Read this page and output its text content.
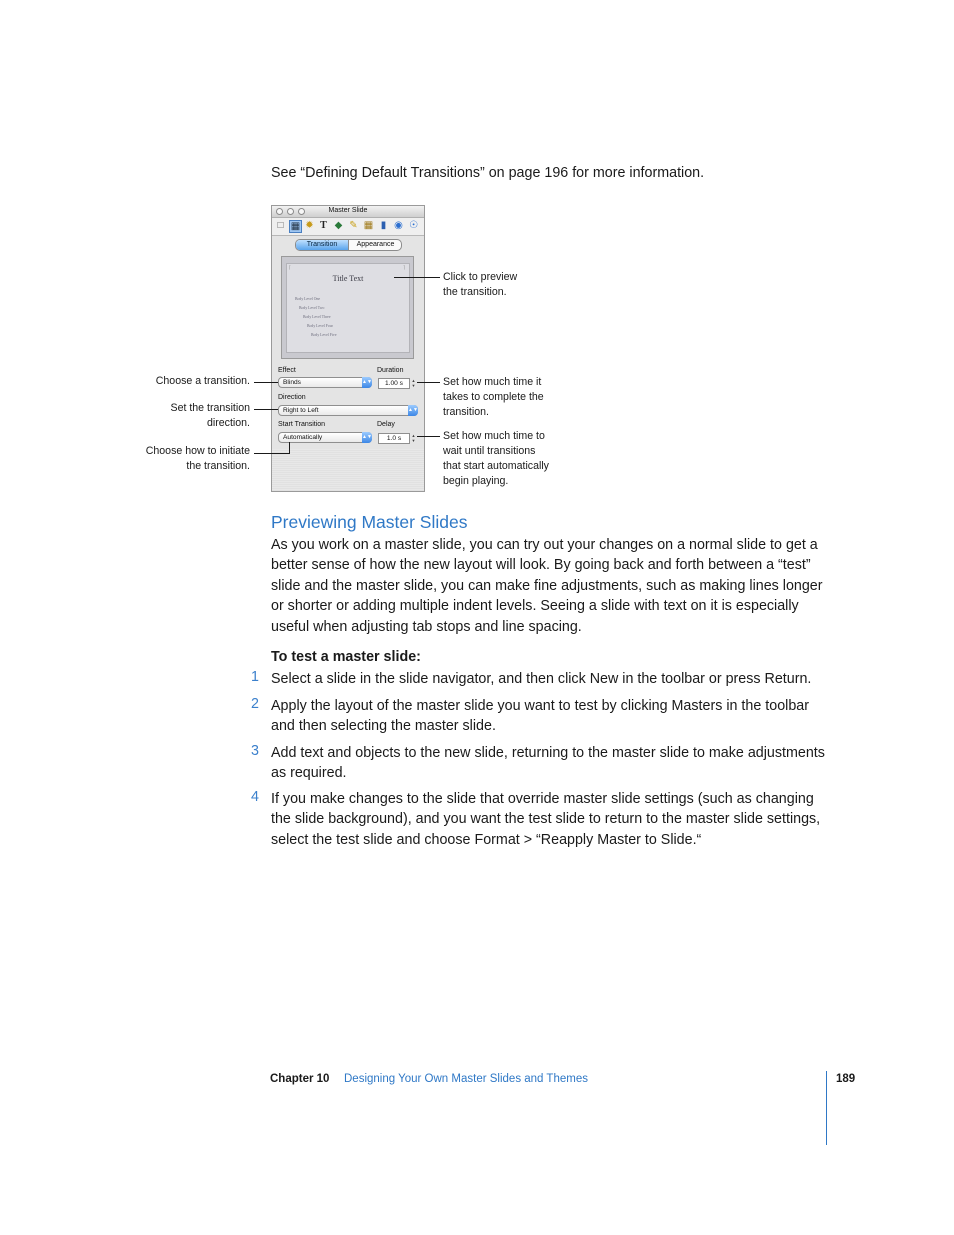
See “Defining Default Transitions” on page 196 for more information.
Master Slide
□ ▦ ✹ T ◆ ✎ ▦ ▮ ◉ ☉
Transition	Appearance
⌈	⌉
Title Text
Body Level One
Body Level Two
Body Level Three
Body Level Four
Body Level Five
Effect	Duration
Blinds	▲▼	1.00 s	▲
▼
Direction
Right to Left	▲▼
Start Transition	Delay
Automatically	▲▼	1.0 s	▲
▼
Click to preview
the transition.
Choose a transition.
Set the transition
direction.
Choose how to initiate
the transition.
Set how much time it
takes to complete the
transition.
Set how much time to
wait until transitions
that start automatically
begin playing.
Previewing Master Slides
As you work on a master slide, you can try out your changes on a normal slide to get a better sense of how the new layout will look. By going back and forth between a “test” slide and the master slide, you can make fine adjustments, such as making lines longer or shorter or adding multiple indent levels. Seeing a slide with text on it is especially useful when adjusting tab stops and line spacing.
To test a master slide:
1 Select a slide in the slide navigator, and then click New in the toolbar or press Return.
2 Apply the layout of the master slide you want to test by clicking Masters in the toolbar and then selecting the master slide.
3 Add text and objects to the new slide, returning to the master slide to make adjustments as required.
4 If you make changes to the slide that override master slide settings (such as changing the slide background), and you want the test slide to return to the master slide settings, select the test slide and choose Format > “Reapply Master to Slide.“
Chapter 10 Designing Your Own Master Slides and Themes	189
